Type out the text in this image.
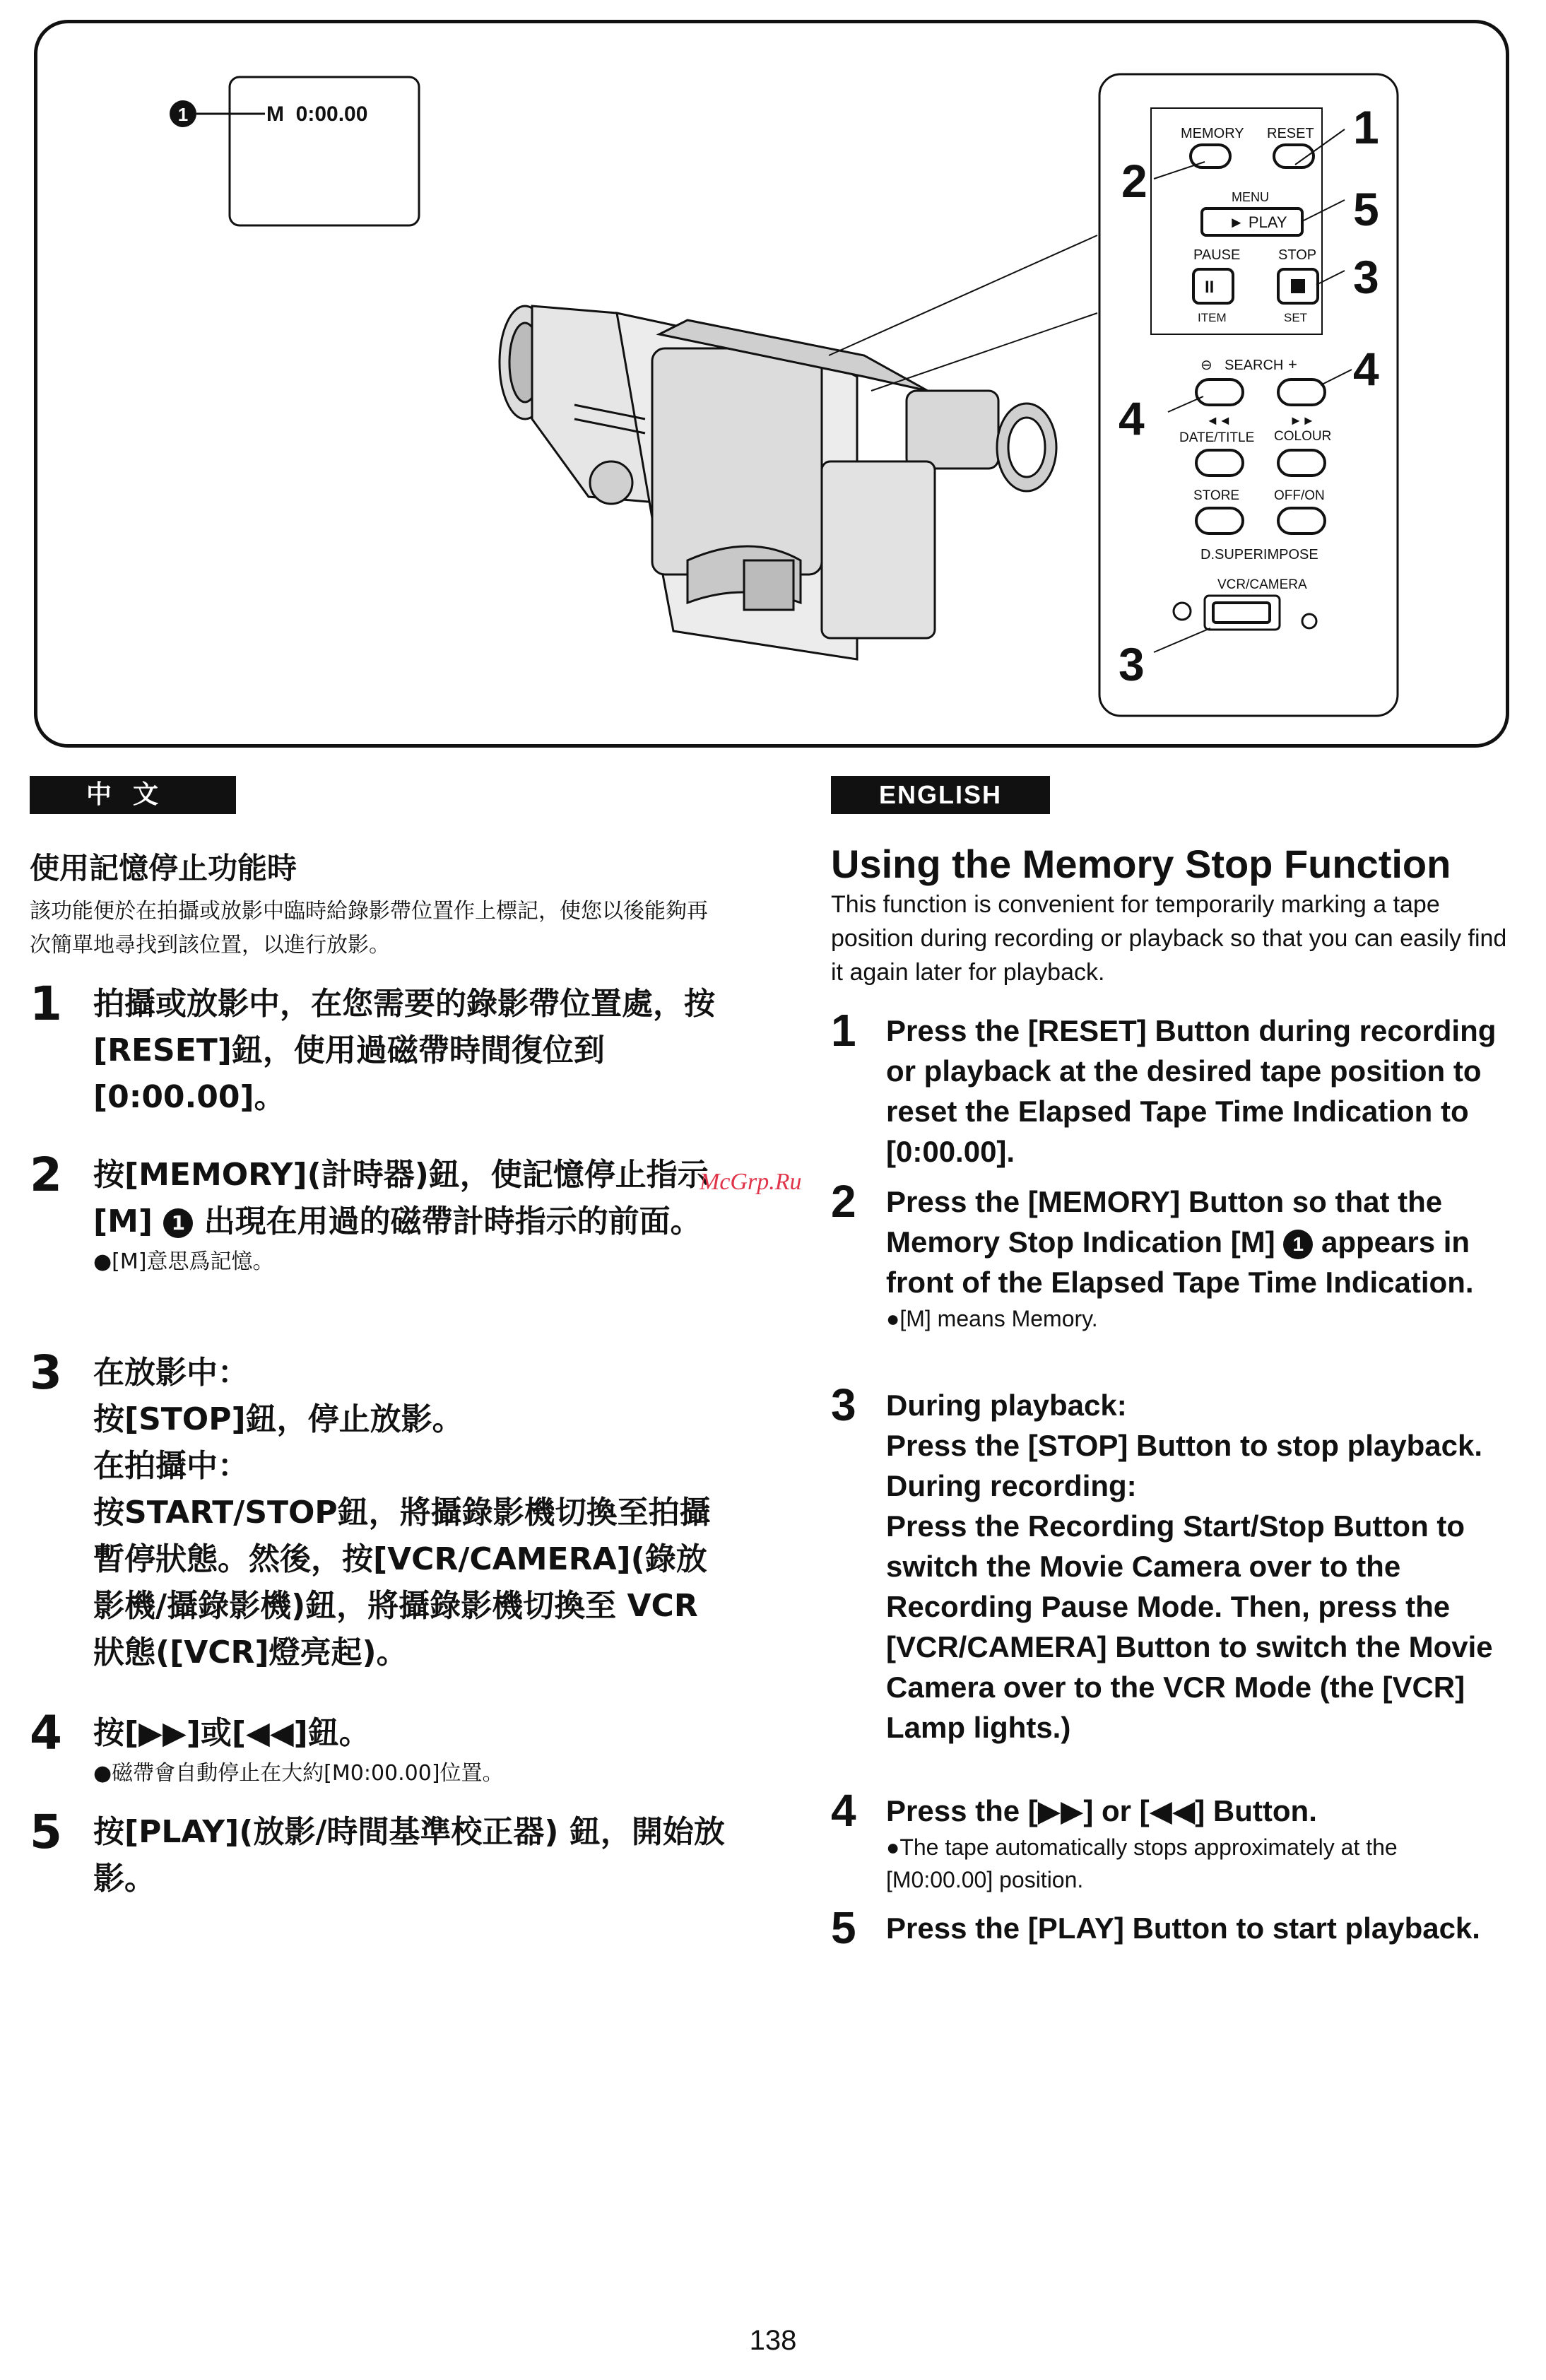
1	M  0:00.00
MEMORY RESET
MENU
► PLAY
PAUSE	STOP
II
ITEM	SET
⊖ SEARCH +
◄◄	►►
DATE/TITLE COLOUR
STORE	OFF/ON
D.SUPERIMPOSE
VCR/CAMERA
1
2
5
3
4
4
3
中文
使用記憶停止功能時
該功能便於在拍攝或放影中臨時給錄影帶位置作上標記，使您以後能夠再次簡單地尋找到該位置，以進行放影。
1 拍攝或放影中，在您需要的錄影帶位置處，按[RESET]鈕，使用過磁帶時間復位到[0:00.00]。
2 按[MEMORY](計時器)鈕，使記憶停止指示[M] 1 出現在用過的磁帶計時指示的前面。
●[M]意思爲記憶。
3 在放影中：
按[STOP]鈕，停止放影。
在拍攝中：
按START/STOP鈕，將攝錄影機切換至拍攝暫停狀態。然後，按[VCR/CAMERA](錄放影機/攝錄影機)鈕，將攝錄影機切換至 VCR 狀態([VCR]燈亮起)。
4 按[▶▶]或[◀◀]鈕。
●磁帶會自動停止在大約[M0:00.00]位置。
5 按[PLAY](放影/時間基準校正器) 鈕，開始放影。
ENGLISH
Using the Memory Stop Function
This function is convenient for temporarily marking a tape position during recording or playback so that you can easily find it again later for playback.
1 Press the [RESET] Button during recording or playback at the desired tape position to reset the Elapsed Tape Time Indication to [0:00.00].
2 Press the [MEMORY] Button so that the Memory Stop Indication [M] 1 appears in front of the Elapsed Tape Time Indication.
●[M] means Memory.
3 During playback:
Press the [STOP] Button to stop playback.
During recording:
Press the Recording Start/Stop Button to switch the Movie Camera over to the Recording Pause Mode. Then, press the [VCR/CAMERA] Button to switch the Movie Camera over to the VCR Mode (the [VCR] Lamp lights.)
4 Press the [▶▶] or [◀◀] Button.
●The tape automatically stops approximately at the [M0:00.00] position.
5 Press the [PLAY] Button to start playback.
McGrp.Ru
138
